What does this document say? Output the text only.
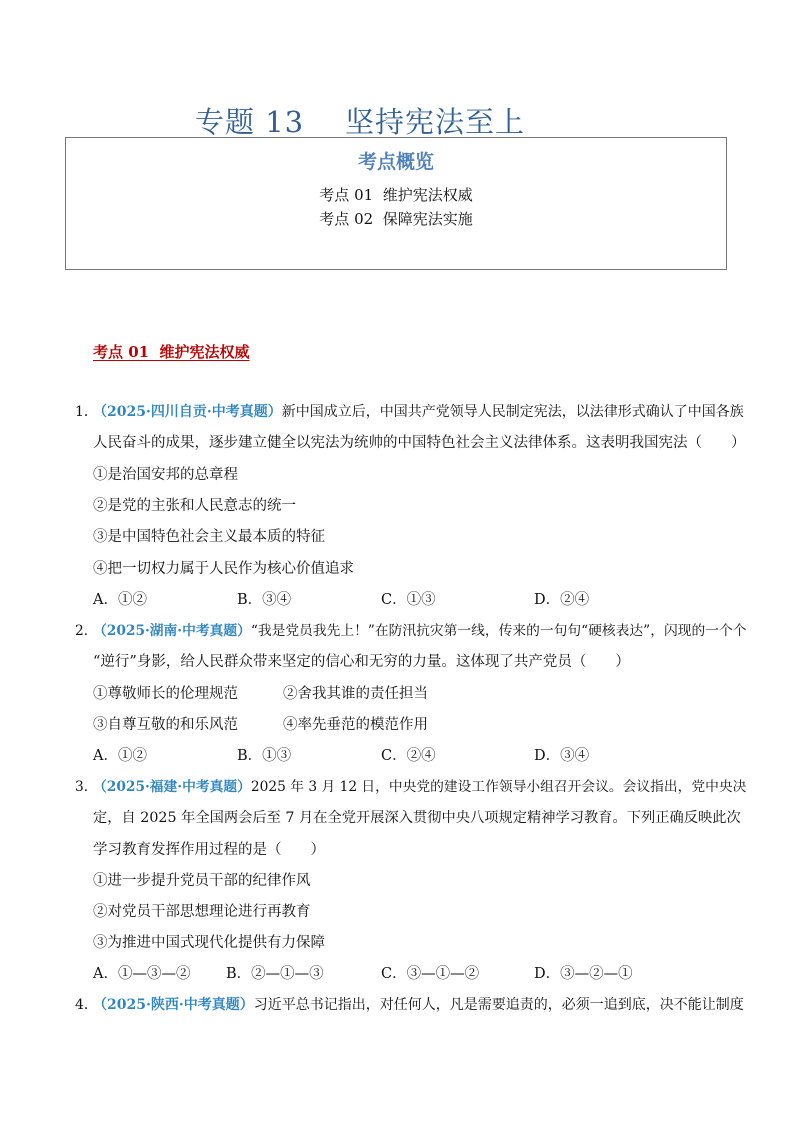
专题 13    坚持宪法至上
考点概览
考点 01  维护宪法权威
考点 02  保障宪法实施
考点 01  维护宪法权威
1．（2025·四川自贡·中考真题）新中国成立后，中国共产党领导人民制定宪法，以法律形式确认了中国各族
人民奋斗的成果，逐步建立健全以宪法为统帅的中国特色社会主义法律体系。这表明我国宪法（　　）
①是治国安邦的总章程
②是党的主张和人民意志的统一
③是中国特色社会主义最本质的特征
④把一切权力属于人民作为核心价值追求
A．①②	B．③④	C．①③	D．②④
2．（2025·湖南·中考真题）“我是党员我先上！”在防汛抗灾第一线，传来的一句句“硬核表达”，闪现的一个个
“逆行”身影，给人民群众带来坚定的信心和无穷的力量。这体现了共产党员（　　）
①尊敬师长的伦理规范	②舍我其谁的责任担当
③自尊互敬的和乐风范	④率先垂范的模范作用
A．①②	B．①③	C．②④	D．③④
3．（2025·福建·中考真题）2025 年 3 月 12 日，中央党的建设工作领导小组召开会议。会议指出，党中央决
定，自 2025 年全国两会后至 7 月在全党开展深入贯彻中央八项规定精神学习教育。下列正确反映此次
学习教育发挥作用过程的是（　　）
①进一步提升党员干部的纪律作风
②对党员干部思想理论进行再教育
③为推进中国式现代化提供有力保障
A．①—③—② B．②—①—③	C．③—①—②	D．③—②—①
4．（2025·陕西·中考真题）习近平总书记指出，对任何人，凡是需要追责的，必须一追到底，决不能让制度
